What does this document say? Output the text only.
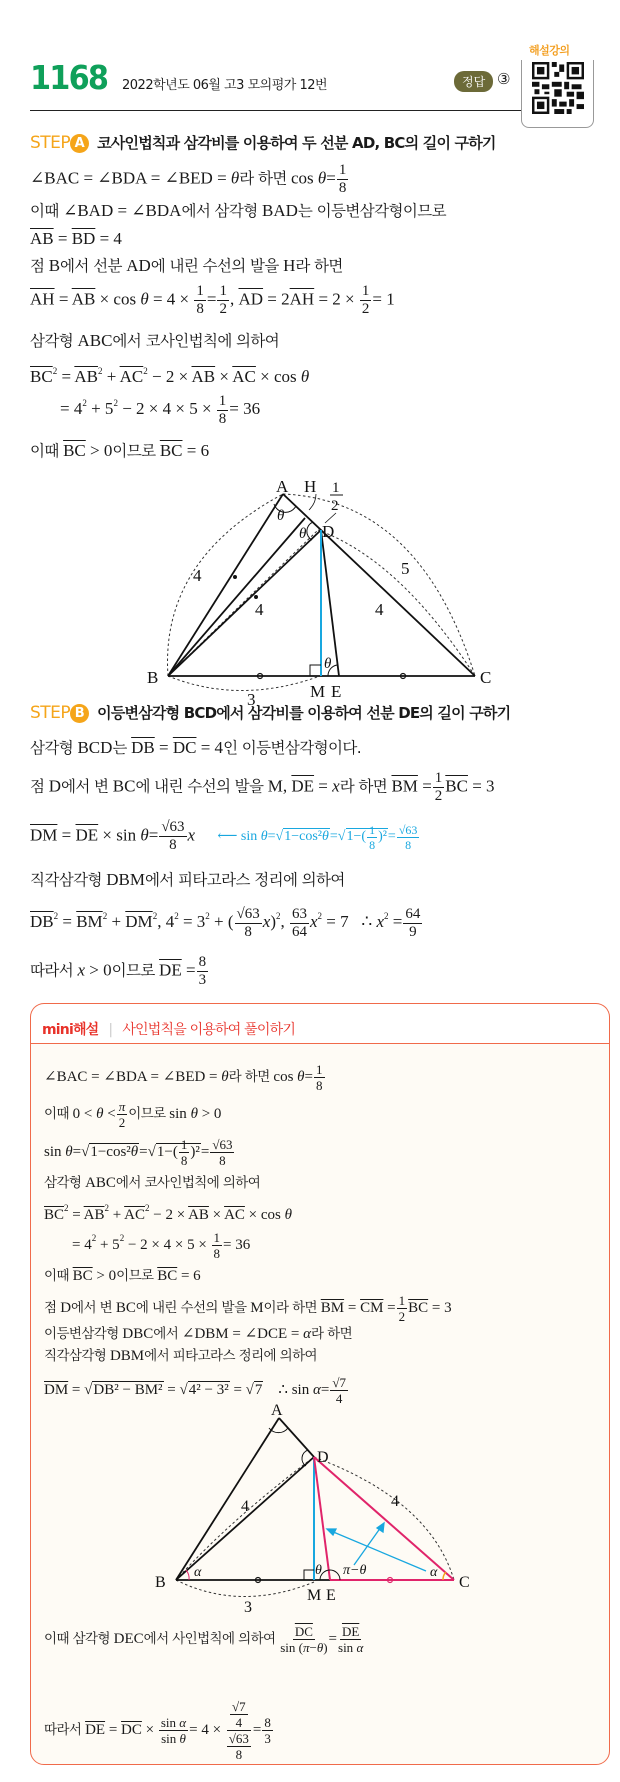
1168 2022학년도 06월 고3 모의평가 12번	정답 ③
해설강의
STEP A 코사인법칙과 삼각비를 이용하여 두 선분 AD, BC의 길이 구하기
∠BAC = ∠BDA = ∠BED = θ라 하면 $\cos \theta= \frac{1}{8}$
이때 ∠BAD = ∠BDA에서 삼각형 BAD는 이등변삼각형이므로
$\overline{AB} = \overline{BD} = 4$
점 B에서 선분 AD에 내린 수선의 발을 H라 하면
$\overline{AH} = \overline{AB} \times \cos \theta = 4 \times \frac{1}{8} = \frac{1}{2}$ , $\overline{AD} = 2\overline{AH} = 2 \times \frac{1}{2} = 1$
삼각형 ABC에서 코사인법칙에 의하여
$\overline{BC}^2 = \overline{AB}^2 + \overline{AC}^2 - 2 \times \overline{AB} \times \overline{AC} \times \cos \theta$
= $4^2 + 5^2 - 2 \times 4 \times 5 \times \frac{1}{8} = 36$
이때 $\overline{BC} > 0$이므로 $\overline{BC} = 6$
A H
D
B
M E
C
4
4	4
5
3
1
2
θ
θ
θ
STEP B 이등변삼각형 BCD에서 삼각비를 이용하여 선분 DE의 길이 구하기
삼각형 BCD는 $\overline{DB} = \overline{DC} = 4$인 이등변삼각형이다.
점 D에서 변 BC에 내린 수선의 발을 M, $\overline{DE} = x$라 하면 $\overline{BM} = \frac{1}{2} \overline{BC} = 3$
$\overline{DM} = \overline{DE} \times \sin \theta= \frac{√63}{8}$ x ⟵ $\sin \theta=√1-\cos^2\theta=√1-( \frac{1}{8} )^2= \frac{√63}{8}$
직각삼각형 DBM에서 피타고라스 정리에 의하여
$\overline{DB}^2 = \overline{BM}^2 + \overline{DM}^2$, $4^2 = 3^2$ + ( $\frac{√63}{8} x)^2$, $\frac{63}{64} x^2 = 7$   ∴ $x^2 = \frac{64}{9}$
따라서 x > 0이므로 $\overline{DE} = \frac{8}{3}$
mini해설 | 사인법칙을 이용하여 풀이하기
∠BAC = ∠BDA = ∠BED = θ라 하면 $\cos \theta= \frac{1}{8}$
이때 $0 < \theta < \frac{\pi}{2}$ 이므로 sin θ > 0
$\sin \theta=√1-\cos^2\theta=√1-( \frac{1}{8} )^2= \frac{√63}{8}$
삼각형 ABC에서 코사인법칙에 의하여
$\overline{BC}^2 = \overline{AB}^2 + \overline{AC}^2 - 2 \times \overline{AB} \times \overline{AC} \times \cos \theta$
= $4^2 + 5^2 - 2 \times 4 \times 5 \times \frac{1}{8} = 36$
이때 $\overline{BC} > 0$이므로 $\overline{BC} = 6$
점 D에서 변 BC에 내린 수선의 발을 M이라 하면 $\overline{BM} = \overline{CM} = \frac{1}{2} \overline{BC} = 3$
이등변삼각형 DBC에서 ∠DBM = ∠DCE = α라 하면
직각삼각형 DBM에서 피타고라스 정리에 의하여
$\overline{DM} = √DB^2 - \overline{BM}^2 = √4^2 - 3^2 = √7$    ∴ $\sin \alpha= \frac{√7}{4}$
A
D
B
M E
C
4	4
3
α	α
θ π−θ
이때 삼각형 DEC에서 사인법칙에 의하여 $\frac{\overline{DC}}{\sin (\pi-\theta)} = \frac{\overline{DE}}{\text{sin α}}$
따라서 $\overline{DE} = \overline{DC} \times \frac{\text{sin α}}{\text{sin θ}} = 4 \times \frac{\frac{√7}{4}}{\frac{√63}{8}} = \frac{8}{3}$
